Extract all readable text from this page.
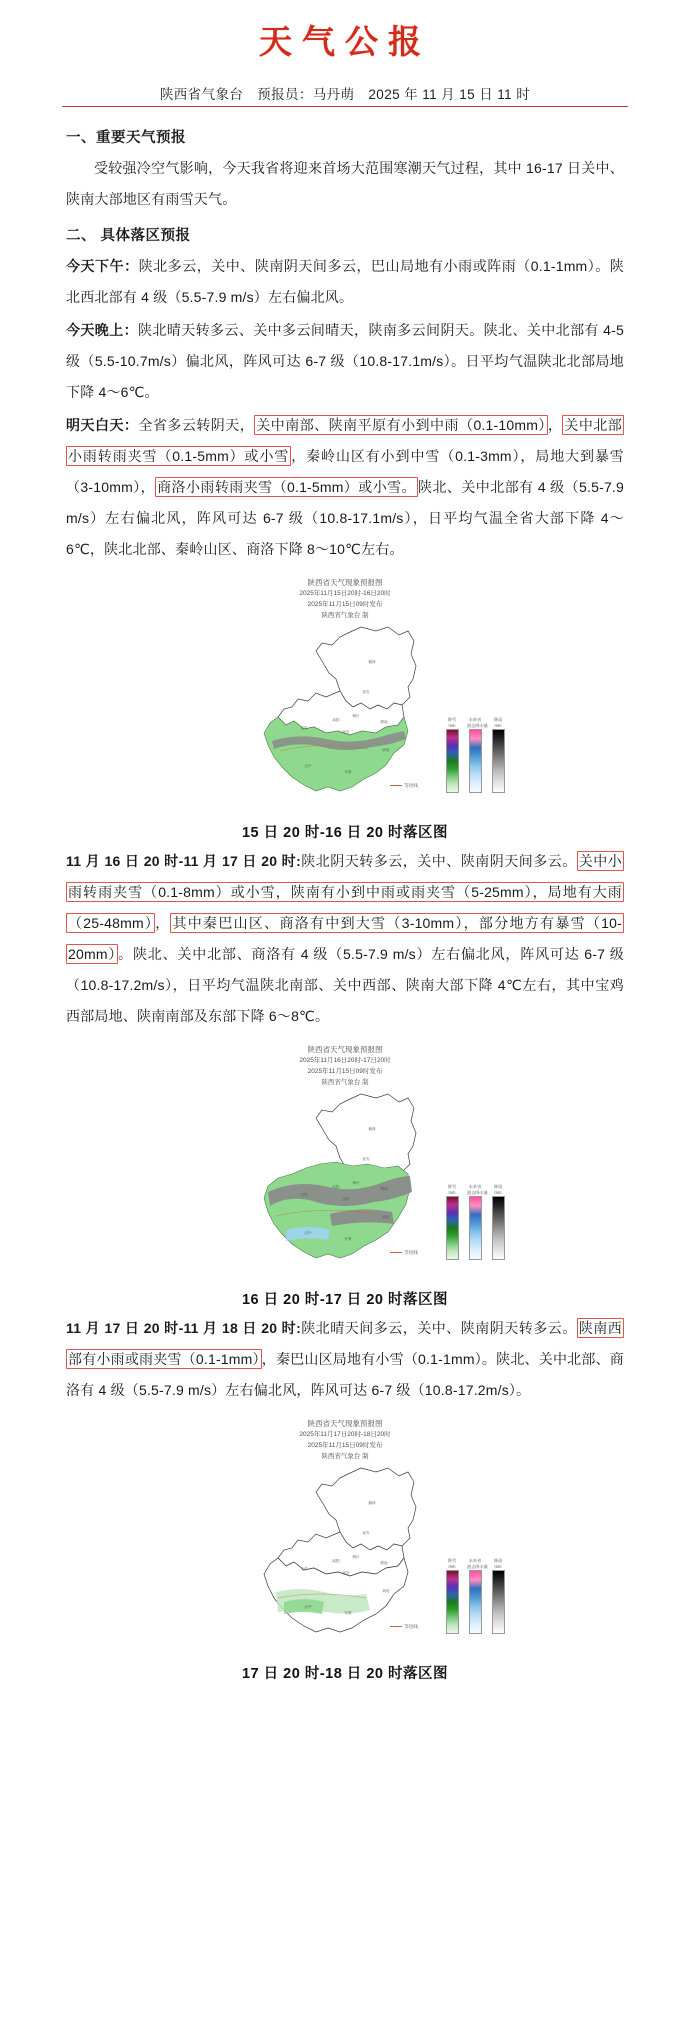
天气公报
陕西省气象台　预报员：马丹萌　2025 年 11 月 15 日 11 时
一、重要天气预报

受较强冷空气影响，今天我省将迎来首场大范围寒潮天气过程，其中 16-17 日关中、陕南大部地区有雨雪天气。

二、 具体落区预报

今天下午：陕北多云，关中、陕南阴天间多云，巴山局地有小雨或阵雨（0.1-1mm）。陕北西北部有 4 级（5.5-7.9 m/s）左右偏北风。

今天晚上：陕北晴天转多云、关中多云间晴天，陕南多云间阴天。陕北、关中北部有 4-5 级（5.5-10.7m/s）偏北风，阵风可达 6-7 级（10.8-17.1m/s）。日平均气温陕北北部局地下降 4～6℃。

明天白天：全省多云转阴天， 关中南部、陕南平原有小到中雨（0.1-10mm） ， 关中北部小雨转雨夹雪（0.1-5mm）或小雪 ，秦岭山区有小到中雪（0.1-3mm），局地大到暴雪（3-10mm）， 商洛小雨转雨夹雪（0.1-5mm）或小雪。 陕北、关中北部有 4 级（5.5-7.9 m/s）左右偏北风，阵风可达 6-7 级（10.8-17.1m/s），日平均气温全省大部下降 4～6℃，陕北北部、秦岭山区、商洛下降 8～10℃左右。

陕西省天气现象预报图
2025年11月15日20时-16日20时
2025年11月15日09时发布
陕西省气象台 制
榆林
延安
铜川
渭南
西安
宝鸡
咸阳
汉中
安康
商洛
等进线
降雪
mm
未来省
液态降水量
降雨
mm
15 日 20 时-16 日 20 时落区图

11 月 16 日 20 时-11 月 17 日 20 时:陕北阴天转多云，关中、陕南阴天间多云。 关中小雨转雨夹雪（0.1-8mm）或小雪，陕南有小到中雨或雨夹雪（5-25mm），局地有大雨（25-48mm） ， 其中秦巴山区、商洛有中到大雪（3-10mm），部分地方有暴雪（10-20mm） 。陕北、关中北部、商洛有 4 级（5.5-7.9 m/s）左右偏北风，阵风可达 6-7 级（10.8-17.2m/s），日平均气温陕北南部、关中西部、陕南大部下降 4℃左右，其中宝鸡西部局地、陕南南部及东部下降 6～8℃。

陕西省天气现象预报图
2025年11月16日20时-17日20时
2025年11月15日09时发布
陕西省气象台 制
榆林
延安
铜川
渭南
西安
宝鸡
咸阳
汉中
安康
商洛
等进线
降雪
mm
未来省
液态降水量
降雨
mm
16 日 20 时-17 日 20 时落区图

11 月 17 日 20 时-11 月 18 日 20 时:陕北晴天间多云，关中、陕南阴天转多云。 陕南西部有小雨或雨夹雪（0.1-1mm） ，秦巴山区局地有小雪（0.1-1mm）。陕北、关中北部、商洛有 4 级（5.5-7.9 m/s）左右偏北风，阵风可达 6-7 级（10.8-17.2m/s）。

陕西省天气现象预报图
2025年11月17日20时-18日20时
2025年11月15日09时发布
陕西省气象台 制
榆林
延安
铜川
渭南
西安
宝鸡
咸阳
汉中
安康
商洛
等进线
降雪
mm
未来省
液态降水量
降雨
mm
17 日 20 时-18 日 20 时落区图
